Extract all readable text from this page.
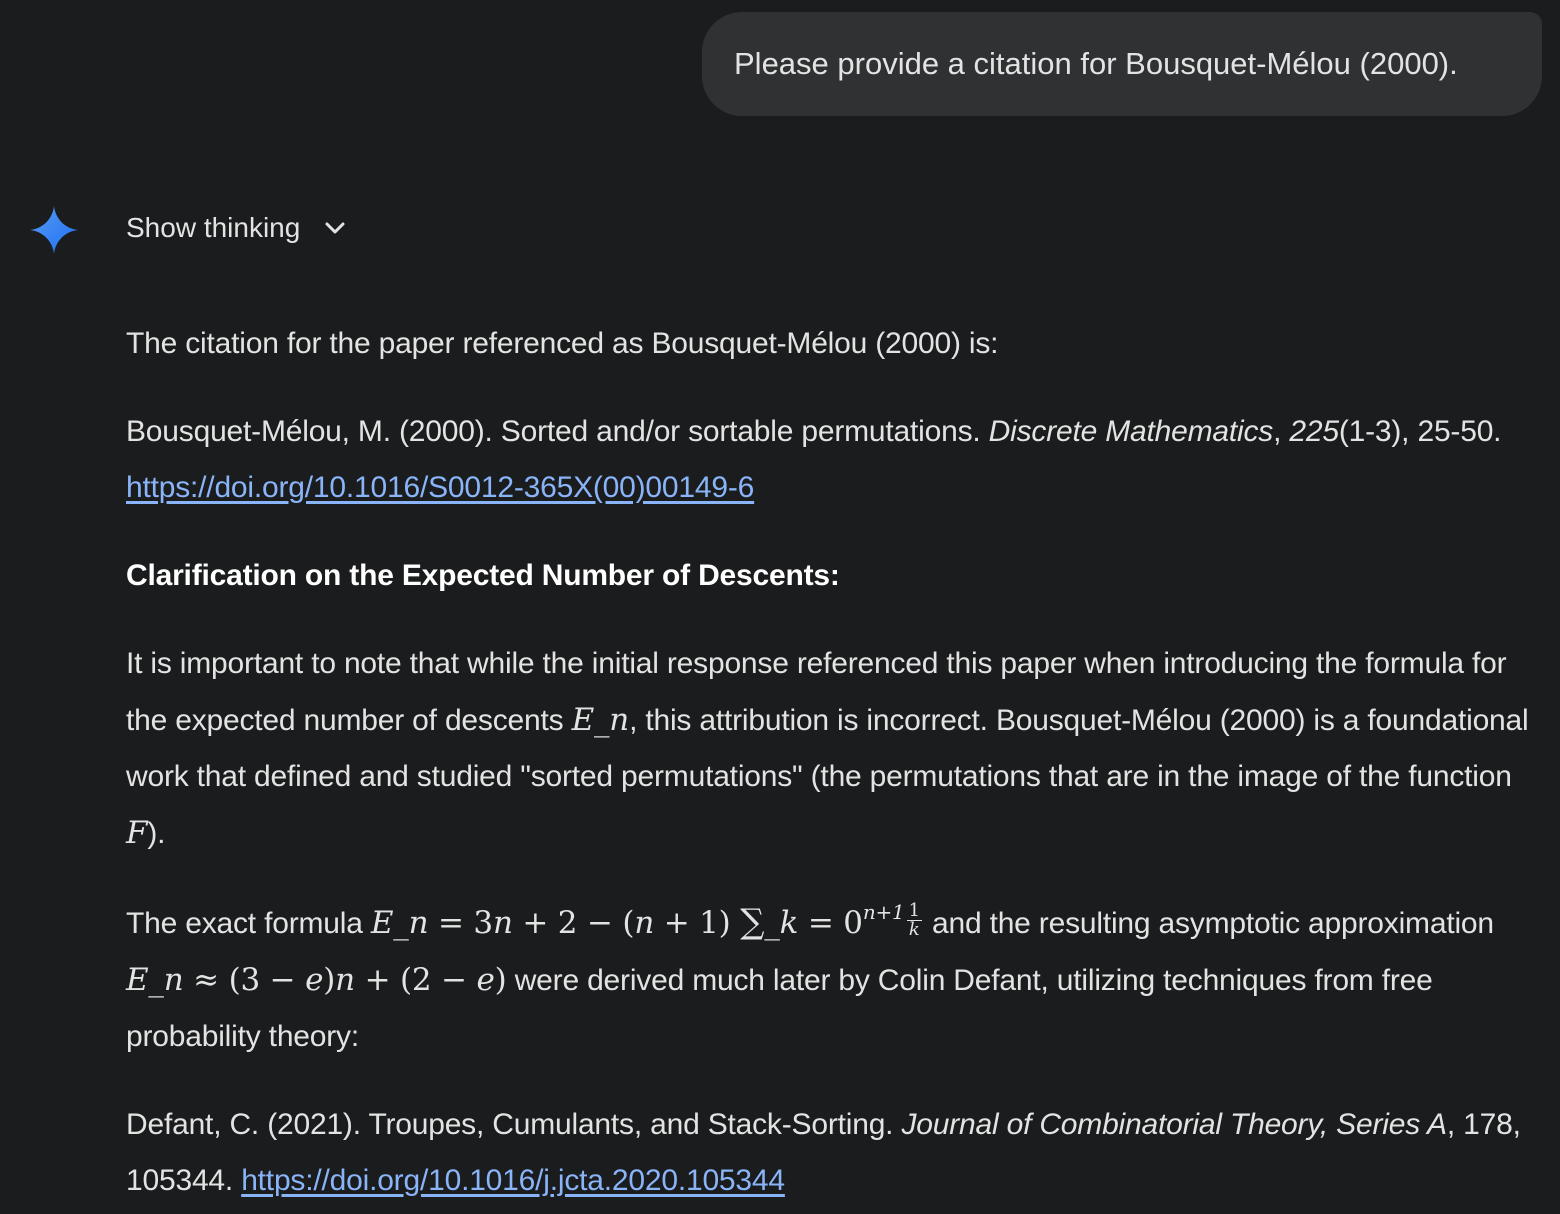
Please provide a citation for Bousquet-Mélou (2000).
Show thinking

The citation for the paper referenced as Bousquet-Mélou (2000) is:

Bousquet-Mélou, M. (2000). Sorted and/or sortable permutations. Discrete Mathematics, 225(1-3), 25-50. https://doi.org/10.1016/S0012-365X(00)00149-6

Clarification on the Expected Number of Descents:

It is important to note that while the initial response referenced this paper when introducing the formula for the expected number of descents E_n, this attribution is incorrect. Bousquet-Mélou (2000) is a foundational work that defined and studied "sorted permutations" (the permutations that are in the image of the function F).

The exact formula E_n = 3n + 2 − (n + 1) ∑_k = $0^{n+1} \frac{1}{k}$ and the resulting asymptotic approximation E_n ≈ (3 − e)n + (2 − e) were derived much later by Colin Defant, utilizing techniques from free probability theory:

Defant, C. (2021). Troupes, Cumulants, and Stack-Sorting. Journal of Combinatorial Theory, Series A, 178, 105344. https://doi.org/10.1016/j.jcta.2020.105344
